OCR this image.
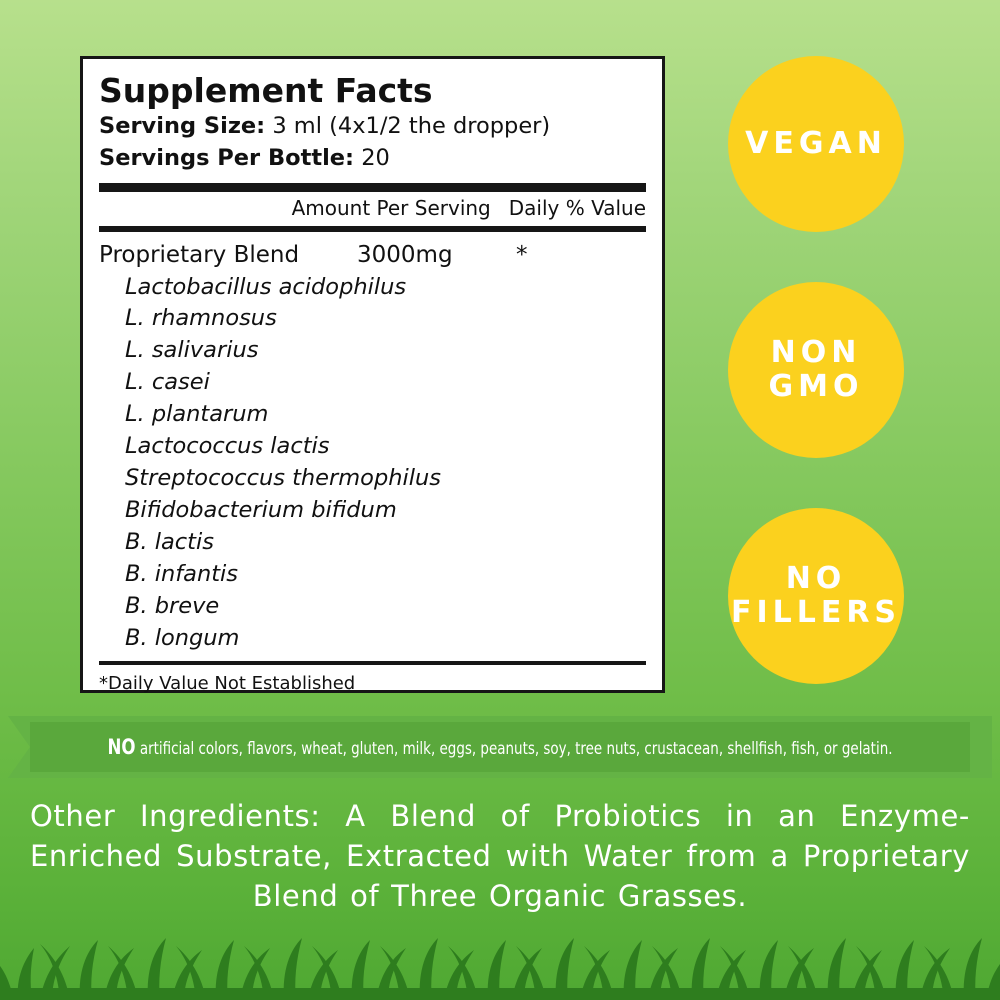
Supplement Facts
Serving Size: 3 ml (4x1/2 the dropper)
Servings Per Bottle: 20
Amount Per Serving Daily % Value
Proprietary Blend	3000mg	*
Lactobacillus acidophilus
L. rhamnosus
L. salivarius
L. casei
L. plantarum
Lactococcus lactis
Streptococcus thermophilus
Bifidobacterium bifidum
B. lactis
B. infantis
B. breve
B. longum
*Daily Value Not Established
VEGAN
NON
GMO
NO
FILLERS
NO artificial colors, flavors, wheat, gluten, milk, eggs, peanuts, soy, tree nuts, crustacean, shellfish, fish, or gelatin.
Other Ingredients: A Blend of Probiotics in an Enzyme-Enriched Substrate, Extracted with Water from a Proprietary Blend of Three Organic Grasses.
